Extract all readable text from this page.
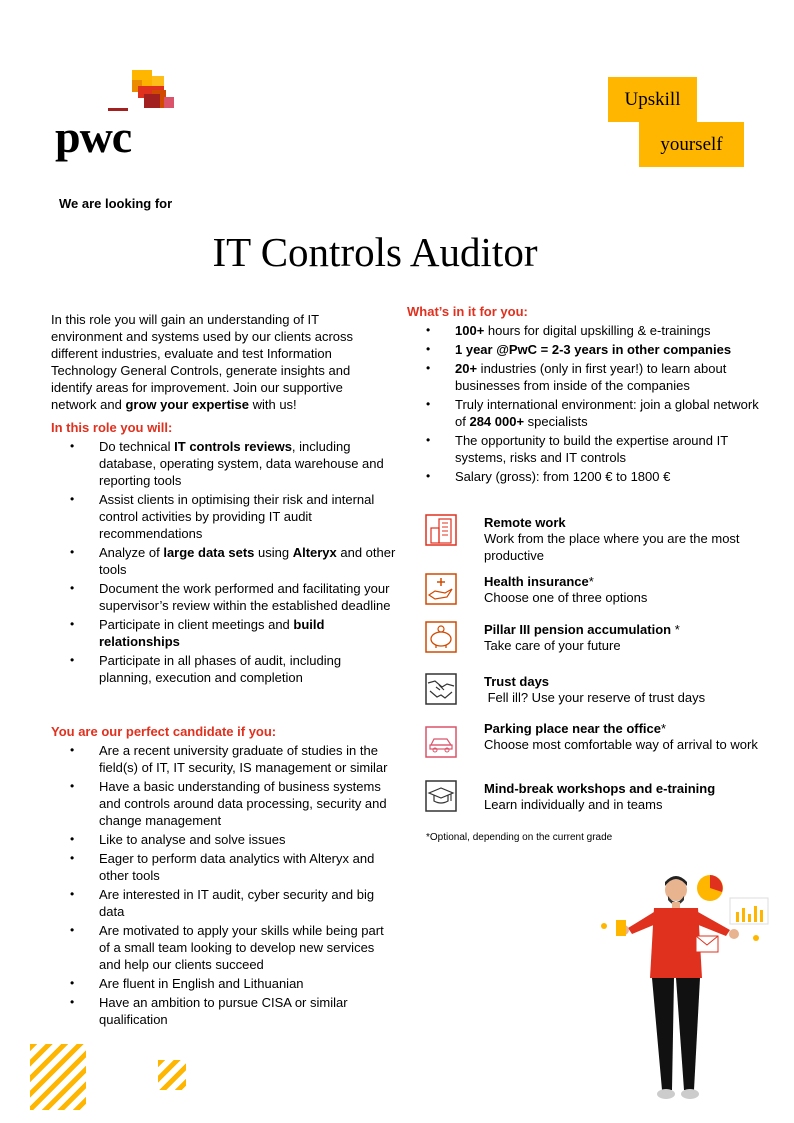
pwc
Upskill
yourself
We are looking for
IT Controls Auditor
In this role you will gain an understanding of IT environment and systems used by our clients across different industries, evaluate and test Information Technology General Controls, generate insights and identify areas for improvement. Join our supportive network and grow your expertise with us!
In this role you will:
• Do technical IT controls reviews, including database, operating system, data warehouse and reporting tools
• Assist clients in optimising their risk and internal control activities by providing IT audit recommendations
• Analyze of large data sets using Alteryx and other tools
• Document the work performed and facilitating your supervisor’s review within the established deadline
• Participate in client meetings and build relationships
• Participate in all phases of audit, including planning, execution and completion
You are our perfect candidate if you:
• Are a recent university graduate of studies in the field(s) of IT, IT security, IS management or similar
• Have a basic understanding of business systems and controls around data processing, security and change management
• Like to analyse and solve issues
• Eager to perform data analytics with Alteryx and other tools
• Are interested in IT audit, cyber security and big data
• Are motivated to apply your skills while being part of a small team looking to develop new services and help our clients succeed
• Are fluent in English and Lithuanian
• Have an ambition to pursue CISA or similar qualification
What’s in it for you:
• 100+ hours for digital upskilling & e-trainings
• 1 year @PwC = 2-3 years in other companies
• 20+ industries (only in first year!) to learn about businesses from inside of the companies
• Truly international environment: join a global network of 284 000+ specialists
• The opportunity to build the expertise around IT systems, risks and IT controls
• Salary (gross): from 1200 € to 1800 €
Remote work
Work from the place where you are the most productive
Health insurance*
Choose one of three options
Pillar III pension accumulation *
Take care of your future
Trust days
Fell ill? Use your reserve of trust days
Parking place near the office*
Choose most comfortable way of arrival to work
Mind-break workshops and e-training
Learn individually and in teams
*Optional, depending on the current grade
